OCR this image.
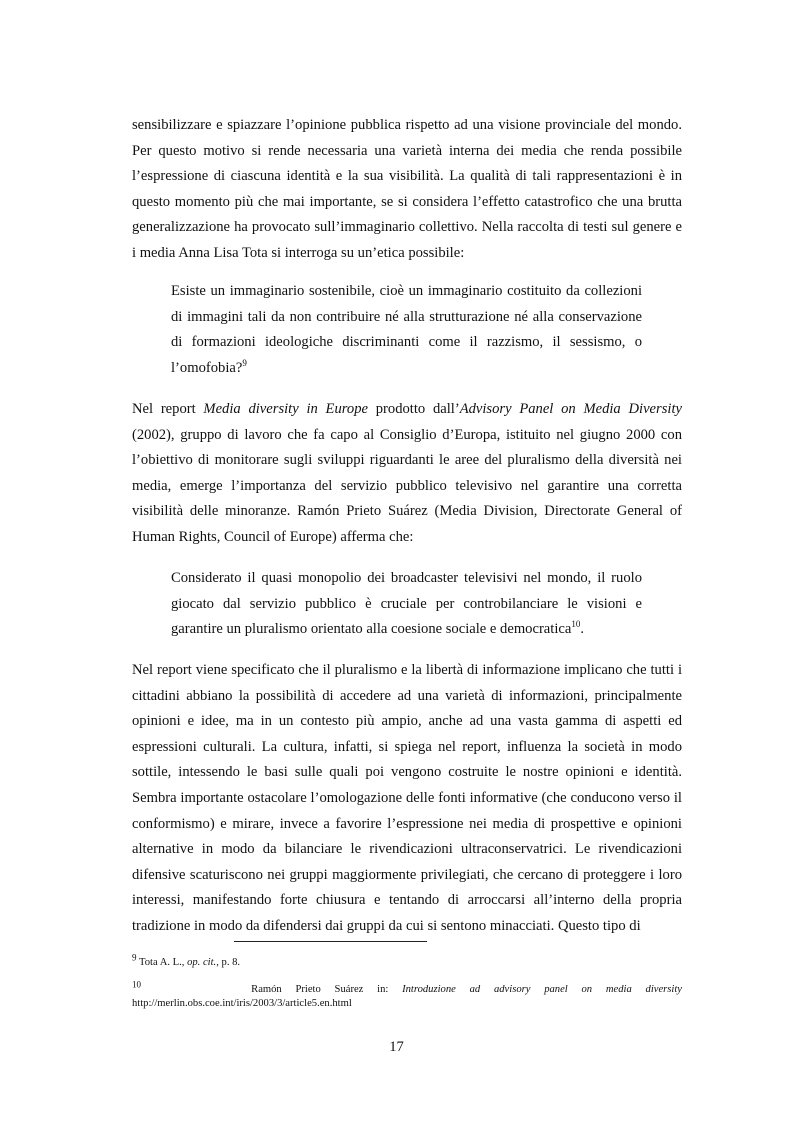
sensibilizzare e spiazzare l’opinione pubblica rispetto ad una visione provinciale del mondo. Per questo motivo si rende necessaria una varietà interna dei media che renda possibile l’espressione di ciascuna identità e la sua visibilità. La qualità di tali rappresentazioni è in questo momento più che mai importante, se si considera l’effetto catastrofico che una brutta generalizzazione ha provocato sull’immaginario collettivo. Nella raccolta di testi sul genere e i media Anna Lisa Tota si interroga su un’etica possibile:

Esiste un immaginario sostenibile, cioè un immaginario costituito da collezioni di immagini tali da non contribuire né alla strutturazione né alla conservazione di formazioni ideologiche discriminanti come il razzismo, il sessismo, o l’omofobia?$^9$

Nel report Media diversity in Europe prodotto dall’Advisory Panel on Media Diversity (2002), gruppo di lavoro che fa capo al Consiglio d’Europa, istituito nel giugno 2000 con l’obiettivo di monitorare sugli sviluppi riguardanti le aree del pluralismo della diversità nei media, emerge l’importanza del servizio pubblico televisivo nel garantire una corretta visibilità delle minoranze. Ramón Prieto Suárez (Media Division, Directorate General of Human Rights, Council of Europe) afferma che:

Considerato il quasi monopolio dei broadcaster televisivi nel mondo, il ruolo giocato dal servizio pubblico è cruciale per controbilanciare le visioni e garantire un pluralismo orientato alla coesione sociale e democratica$^{10}$.

Nel report viene specificato che il pluralismo e la libertà di informazione implicano che tutti i cittadini abbiano la possibilità di accedere ad una varietà di informazioni, principalmente opinioni e idee, ma in un contesto più ampio, anche ad una vasta gamma di aspetti ed espressioni culturali. La cultura, infatti, si spiega nel report, influenza la società in modo sottile, intessendo le basi sulle quali poi vengono costruite le nostre opinioni e identità. Sembra importante ostacolare l’omologazione delle fonti informative (che conducono verso il conformismo) e mirare, invece a favorire l’espressione nei media di prospettive e opinioni alternative in modo da bilanciare le rivendicazioni ultraconservatrici. Le rivendicazioni difensive scaturiscono nei gruppi maggiormente privilegiati, che cercano di proteggere i loro interessi, manifestando forte chiusura e tentando di arroccarsi all’interno della propria tradizione in modo da difendersi dai gruppi da cui si sentono minacciati. Questo tipo di

$^9$ Tota A. L., op. cit., p. 8.

$^{10}$	Ramón Prieto Suárez in: Introduzione ad advisory panel on media diversity

http://merlin.obs.coe.int/iris/2003/3/article5.en.html

17
